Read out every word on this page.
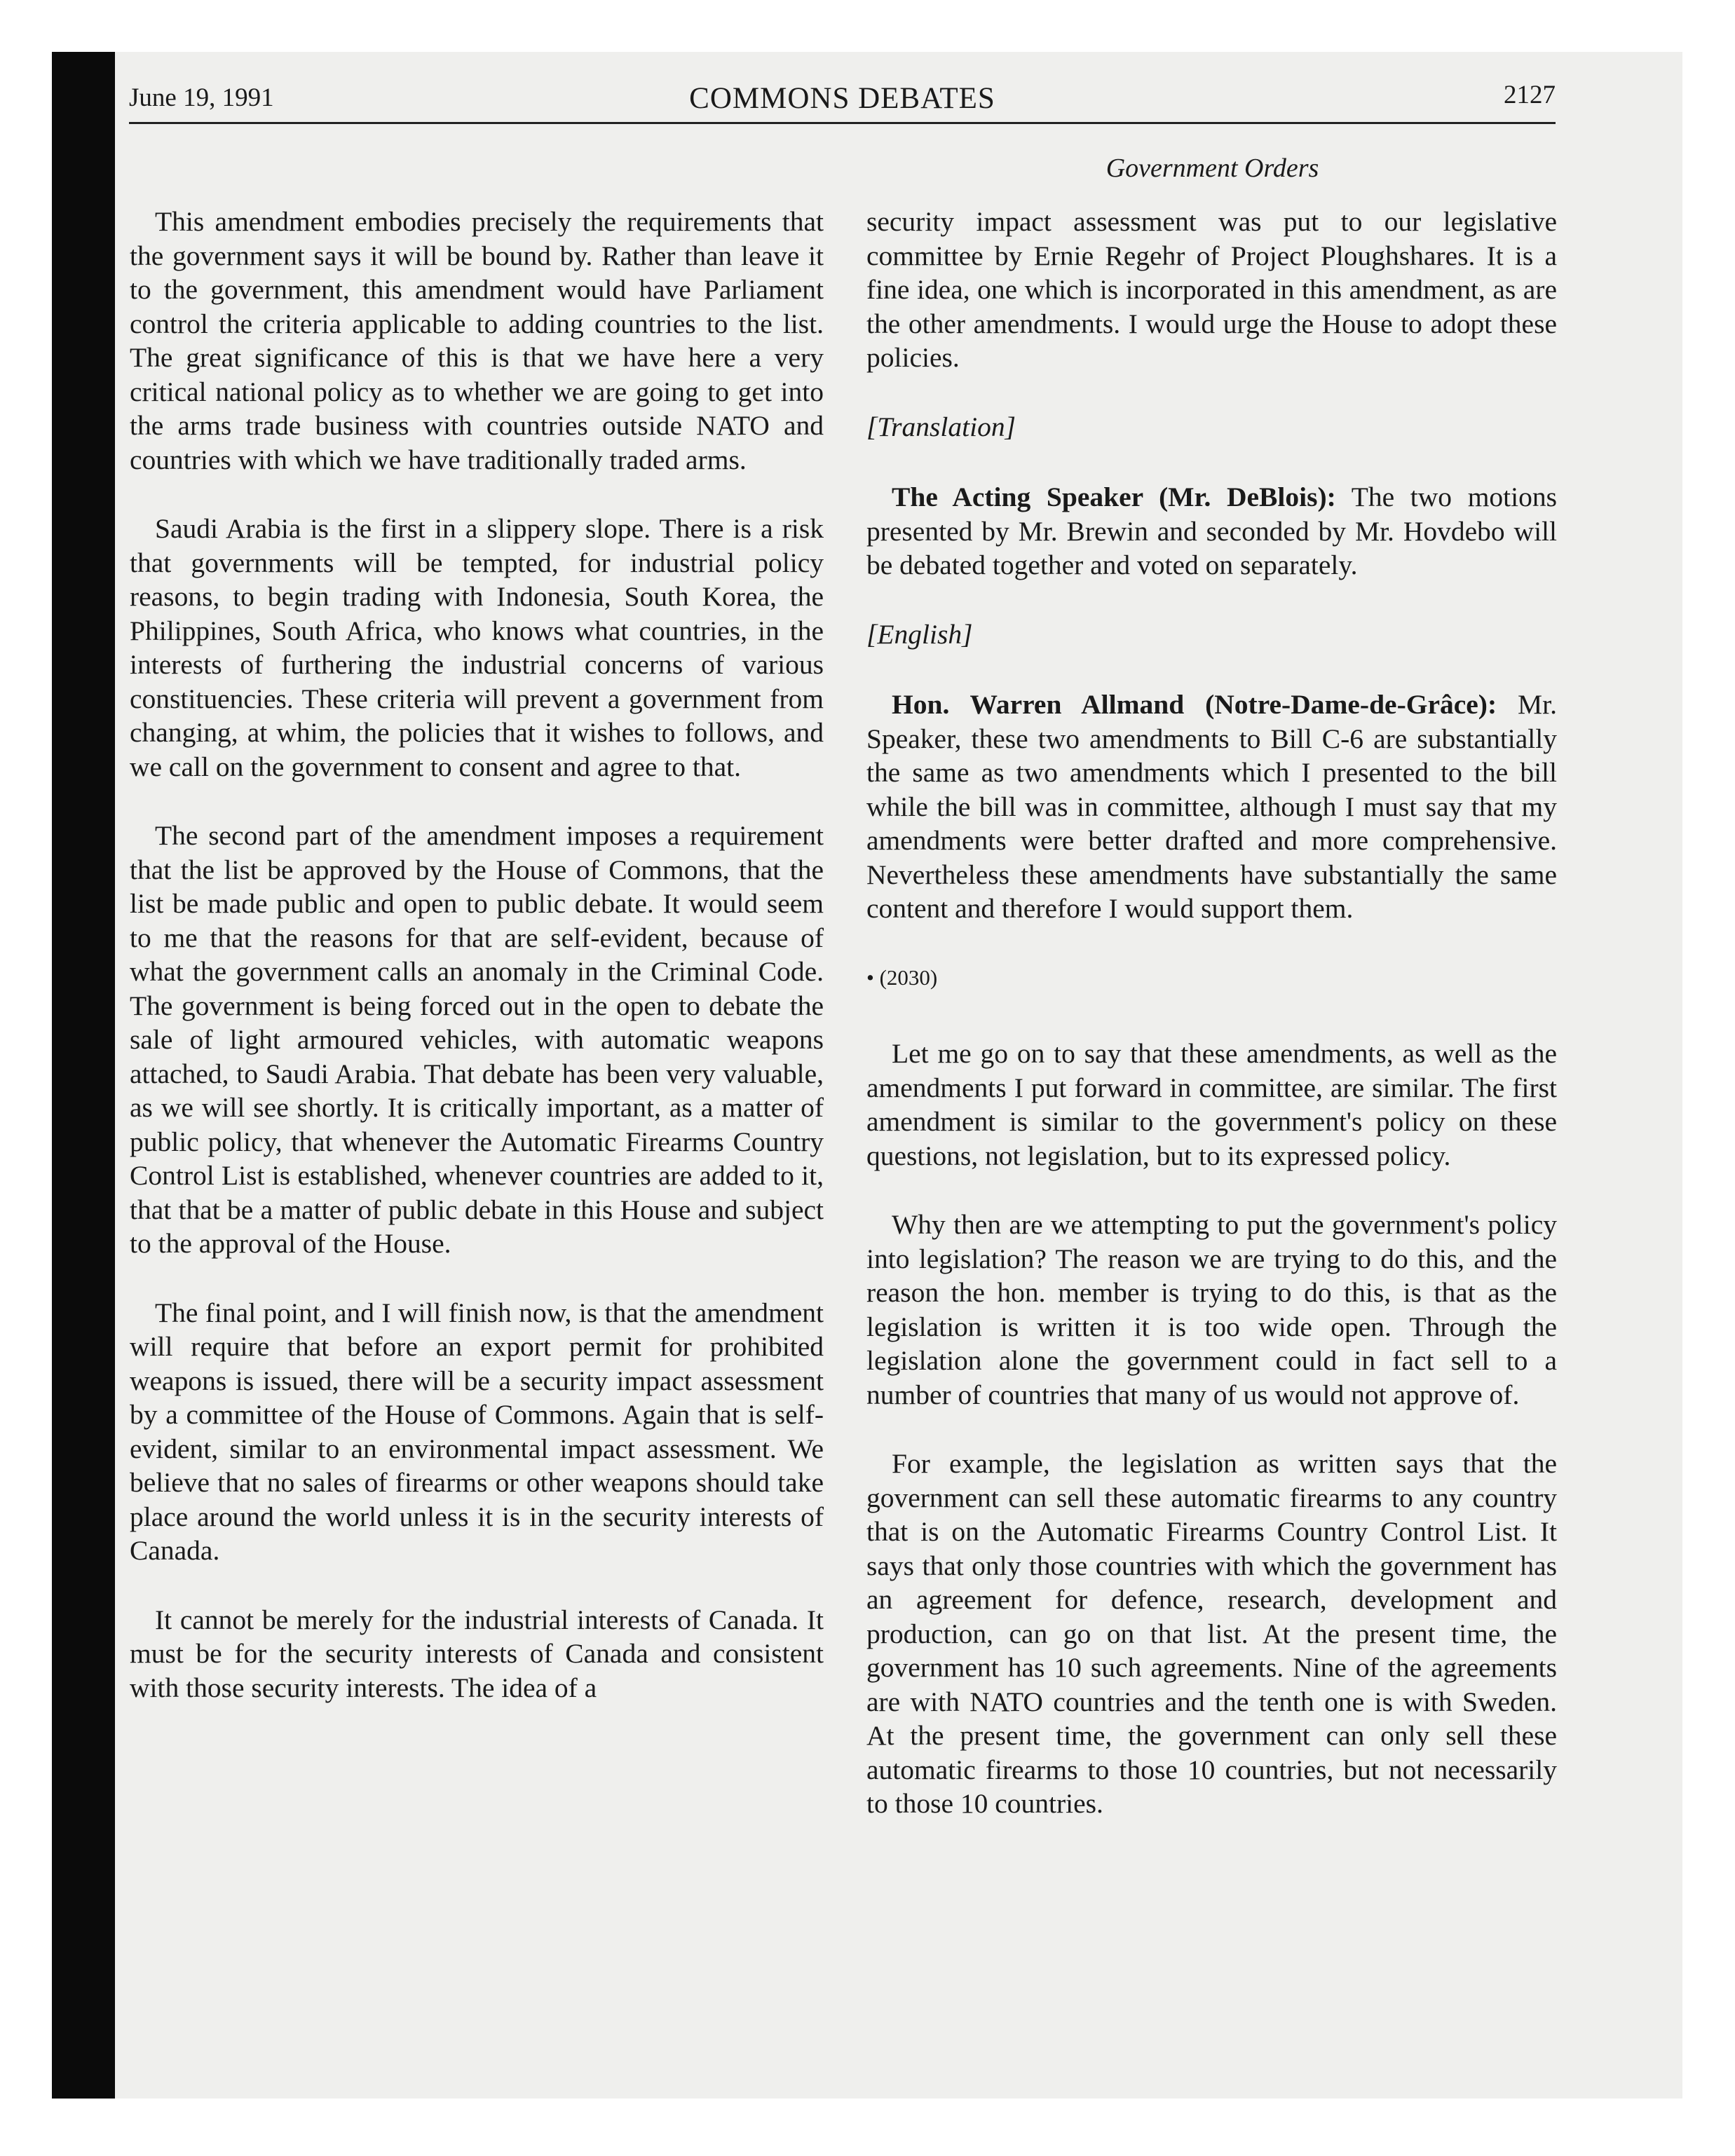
June 19, 1991	COMMONS DEBATES	2127
Government Orders

This amendment embodies precisely the requirements that the government says it will be bound by. Rather than leave it to the government, this amendment would have Parliament control the criteria applicable to adding countries to the list. The great significance of this is that we have here a very critical national policy as to whether we are going to get into the arms trade business with countries outside NATO and countries with which we have traditionally traded arms.

Saudi Arabia is the first in a slippery slope. There is a risk that governments will be tempted, for industrial policy reasons, to begin trading with Indonesia, South Korea, the Philippines, South Africa, who knows what countries, in the interests of furthering the industrial concerns of various constituencies. These criteria will prevent a government from changing, at whim, the policies that it wishes to follows, and we call on the government to consent and agree to that.

The second part of the amendment imposes a requirement that the list be approved by the House of Commons, that the list be made public and open to public debate. It would seem to me that the reasons for that are self-evident, because of what the government calls an anomaly in the Criminal Code. The government is being forced out in the open to debate the sale of light armoured vehicles, with automatic weapons attached, to Saudi Arabia. That debate has been very valuable, as we will see shortly. It is critically important, as a matter of public policy, that whenever the Automatic Firearms Country Control List is established, whenever countries are added to it, that that be a matter of public debate in this House and subject to the approval of the House.

The final point, and I will finish now, is that the amendment will require that before an export permit for prohibited weapons is issued, there will be a security impact assessment by a committee of the House of Commons. Again that is self-evident, similar to an environmental impact assessment. We believe that no sales of firearms or other weapons should take place around the world unless it is in the security interests of Canada.

It cannot be merely for the industrial interests of Canada. It must be for the security interests of Canada and consistent with those security interests. The idea of a

security impact assessment was put to our legislative committee by Ernie Regehr of Project Ploughshares. It is a fine idea, one which is incorporated in this amendment, as are the other amendments. I would urge the House to adopt these policies.

[Translation]

The Acting Speaker (Mr. DeBlois): The two motions presented by Mr. Brewin and seconded by Mr. Hovdebo will be debated together and voted on separately.

[English]

Hon. Warren Allmand (Notre-Dame-de-Grâce): Mr. Speaker, these two amendments to Bill C-6 are substantially the same as two amendments which I presented to the bill while the bill was in committee, although I must say that my amendments were better drafted and more comprehensive. Nevertheless these amendments have substantially the same content and therefore I would support them.

• (2030)

Let me go on to say that these amendments, as well as the amendments I put forward in committee, are similar. The first amendment is similar to the government's policy on these questions, not legislation, but to its expressed policy.

Why then are we attempting to put the government's policy into legislation? The reason we are trying to do this, and the reason the hon. member is trying to do this, is that as the legislation is written it is too wide open. Through the legislation alone the government could in fact sell to a number of countries that many of us would not approve of.

For example, the legislation as written says that the government can sell these automatic firearms to any country that is on the Automatic Firearms Country Control List. It says that only those countries with which the government has an agreement for defence, research, development and production, can go on that list. At the present time, the government has 10 such agreements. Nine of the agreements are with NATO countries and the tenth one is with Sweden. At the present time, the government can only sell these automatic firearms to those 10 countries, but not necessarily to those 10 countries.
